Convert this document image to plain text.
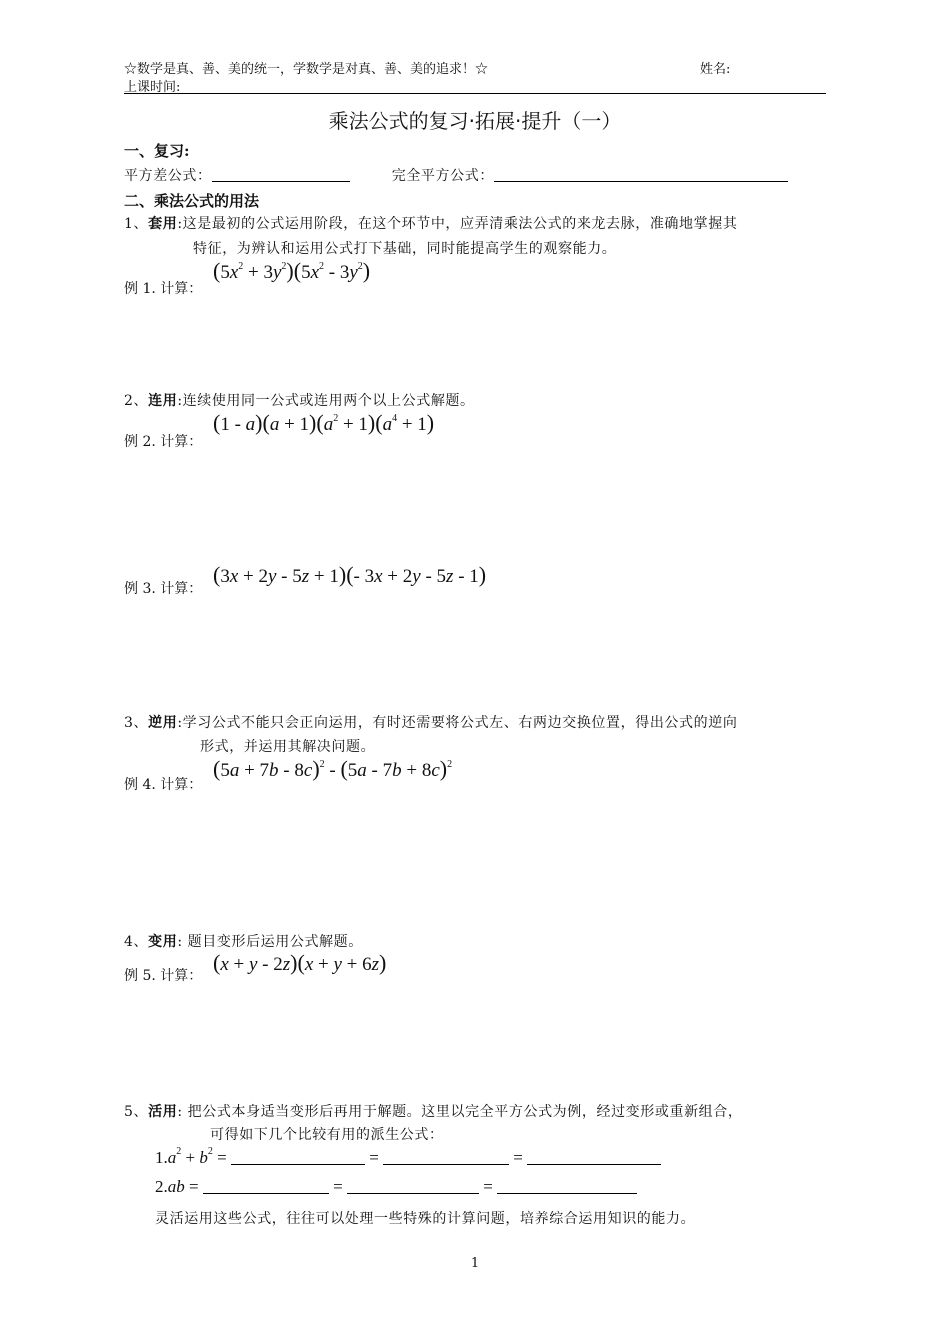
☆数学是真、善、美的统一，学数学是对真、善、美的追求！☆	姓名:
上课时间:
乘法公式的复习·拓展·提升（一）
一、复习:
平方差公式：	完全平方公式：
二、乘法公式的用法
1、套用:这是最初的公式运用阶段，在这个环节中，应弄清乘法公式的来龙去脉，准确地掌握其
特征，为辨认和运用公式打下基础，同时能提高学生的观察能力。
例 1. 计算：
$(5x^2 + 3y^2)(5x^2 - 3y^2)$
2、连用:连续使用同一公式或连用两个以上公式解题。
例 2. 计算：
$(1 - a)(a + 1)(a^2 + 1)(a^4 + 1)$
例 3. 计算：
(3x + 2y - 5z + 1)(- 3x + 2y - 5z - 1)
3、逆用:学习公式不能只会正向运用，有时还需要将公式左、右两边交换位置，得出公式的逆向
形式，并运用其解决问题。
例 4. 计算：
$(5a + 7b - 8c)^2 - (5a - 7b + 8c)^2$
4、变用: 题目变形后运用公式解题。
例 5. 计算：
(x + y - 2z)(x + y + 6z)
5、活用: 把公式本身适当变形后再用于解题。这里以完全平方公式为例，经过变形或重新组合，
可得如下几个比较有用的派生公式：
$1.a^2 + b^2$ =	=	=
2.ab =	=	=
灵活运用这些公式，往往可以处理一些特殊的计算问题，培养综合运用知识的能力。
1
